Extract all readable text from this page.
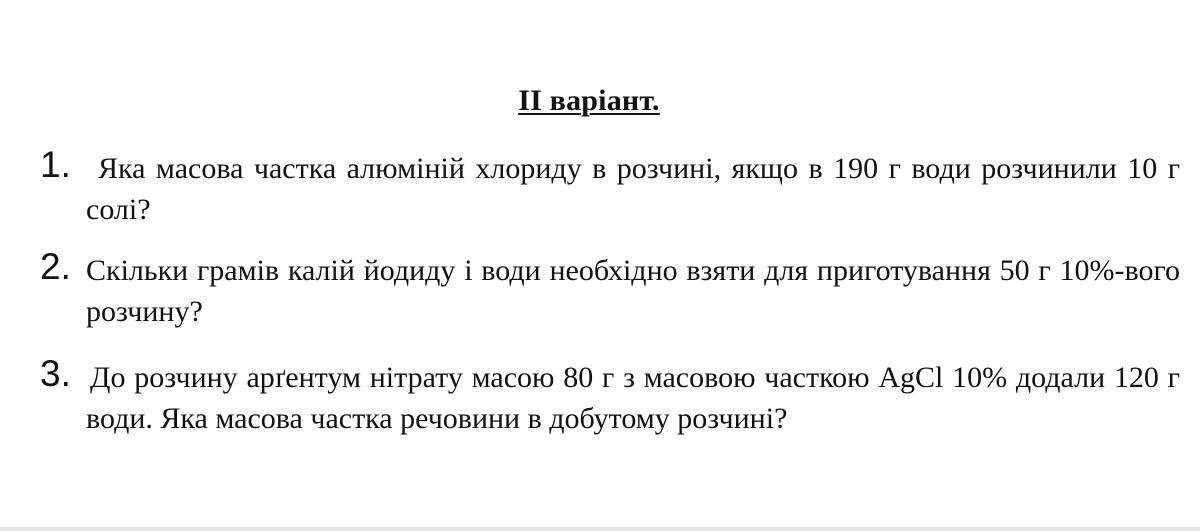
ІІ варіант.
1. Яка масова частка алюміній хлориду в розчині, якщо в 190 г води розчинили 10 г солі?
2. Скільки грамів калій йодиду і води необхідно взяти для приготування 50 г 10%-вого розчину?
3. До розчину арґентум нітрату масою 80 г з масовою часткою AgCl 10% додали 120 г води. Яка масова частка речовини в добутому розчині?
